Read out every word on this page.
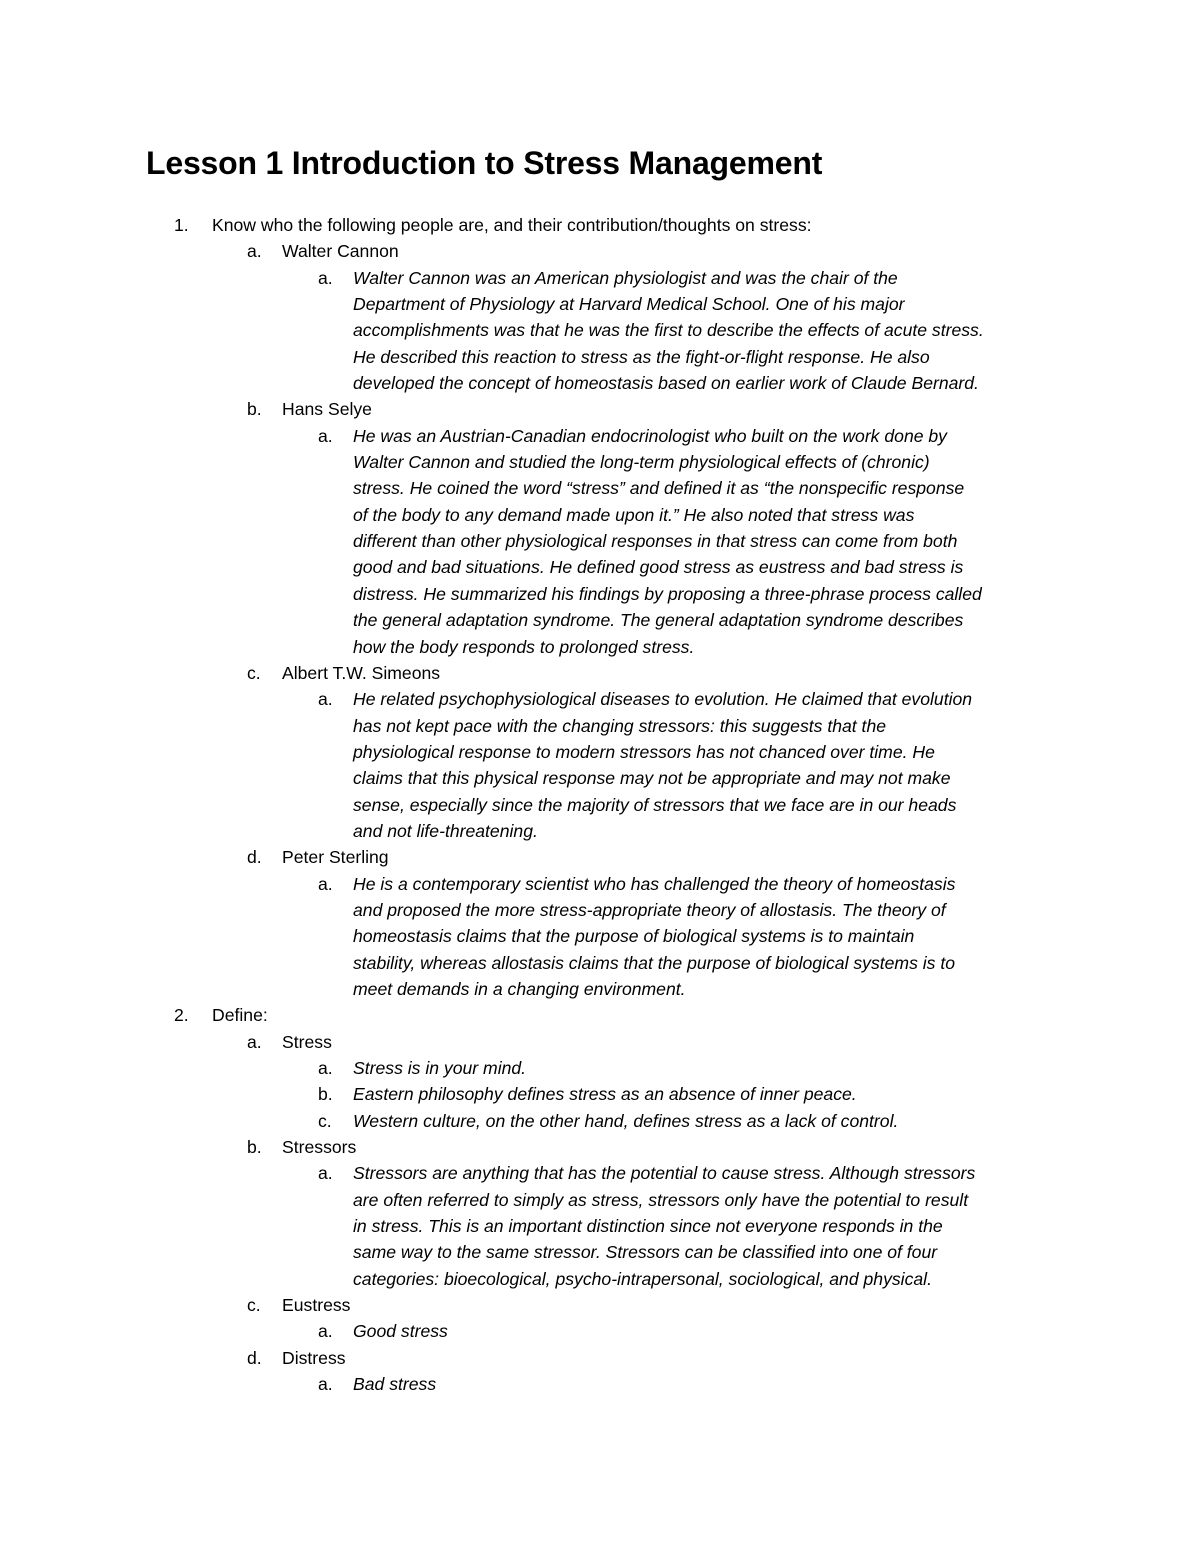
Lesson 1 Introduction to Stress Management
1. Know who the following people are, and their contribution/thoughts on stress:
a. Walter Cannon
a. Walter Cannon was an American physiologist and was the chair of the
Department of Physiology at Harvard Medical School. One of his major
accomplishments was that he was the first to describe the effects of acute stress.
He described this reaction to stress as the fight-or-flight response. He also
developed the concept of homeostasis based on earlier work of Claude Bernard.
b. Hans Selye
a. He was an Austrian-Canadian endocrinologist who built on the work done by
Walter Cannon and studied the long-term physiological effects of (chronic)
stress. He coined the word “stress” and defined it as “the nonspecific response
of the body to any demand made upon it.” He also noted that stress was
different than other physiological responses in that stress can come from both
good and bad situations. He defined good stress as eustress and bad stress is
distress. He summarized his findings by proposing a three-phrase process called
the general adaptation syndrome. The general adaptation syndrome describes
how the body responds to prolonged stress.
c. Albert T.W. Simeons
a. He related psychophysiological diseases to evolution. He claimed that evolution
has not kept pace with the changing stressors: this suggests that the
physiological response to modern stressors has not chanced over time. He
claims that this physical response may not be appropriate and may not make
sense, especially since the majority of stressors that we face are in our heads
and not life-threatening.
d. Peter Sterling
a. He is a contemporary scientist who has challenged the theory of homeostasis
and proposed the more stress-appropriate theory of allostasis. The theory of
homeostasis claims that the purpose of biological systems is to maintain
stability, whereas allostasis claims that the purpose of biological systems is to
meet demands in a changing environment.
2. Define:
a. Stress
a. Stress is in your mind.
b. Eastern philosophy defines stress as an absence of inner peace.
c. Western culture, on the other hand, defines stress as a lack of control.
b. Stressors
a. Stressors are anything that has the potential to cause stress. Although stressors
are often referred to simply as stress, stressors only have the potential to result
in stress. This is an important distinction since not everyone responds in the
same way to the same stressor. Stressors can be classified into one of four
categories: bioecological, psycho-intrapersonal, sociological, and physical.
c. Eustress
a. Good stress
d. Distress
a. Bad stress
